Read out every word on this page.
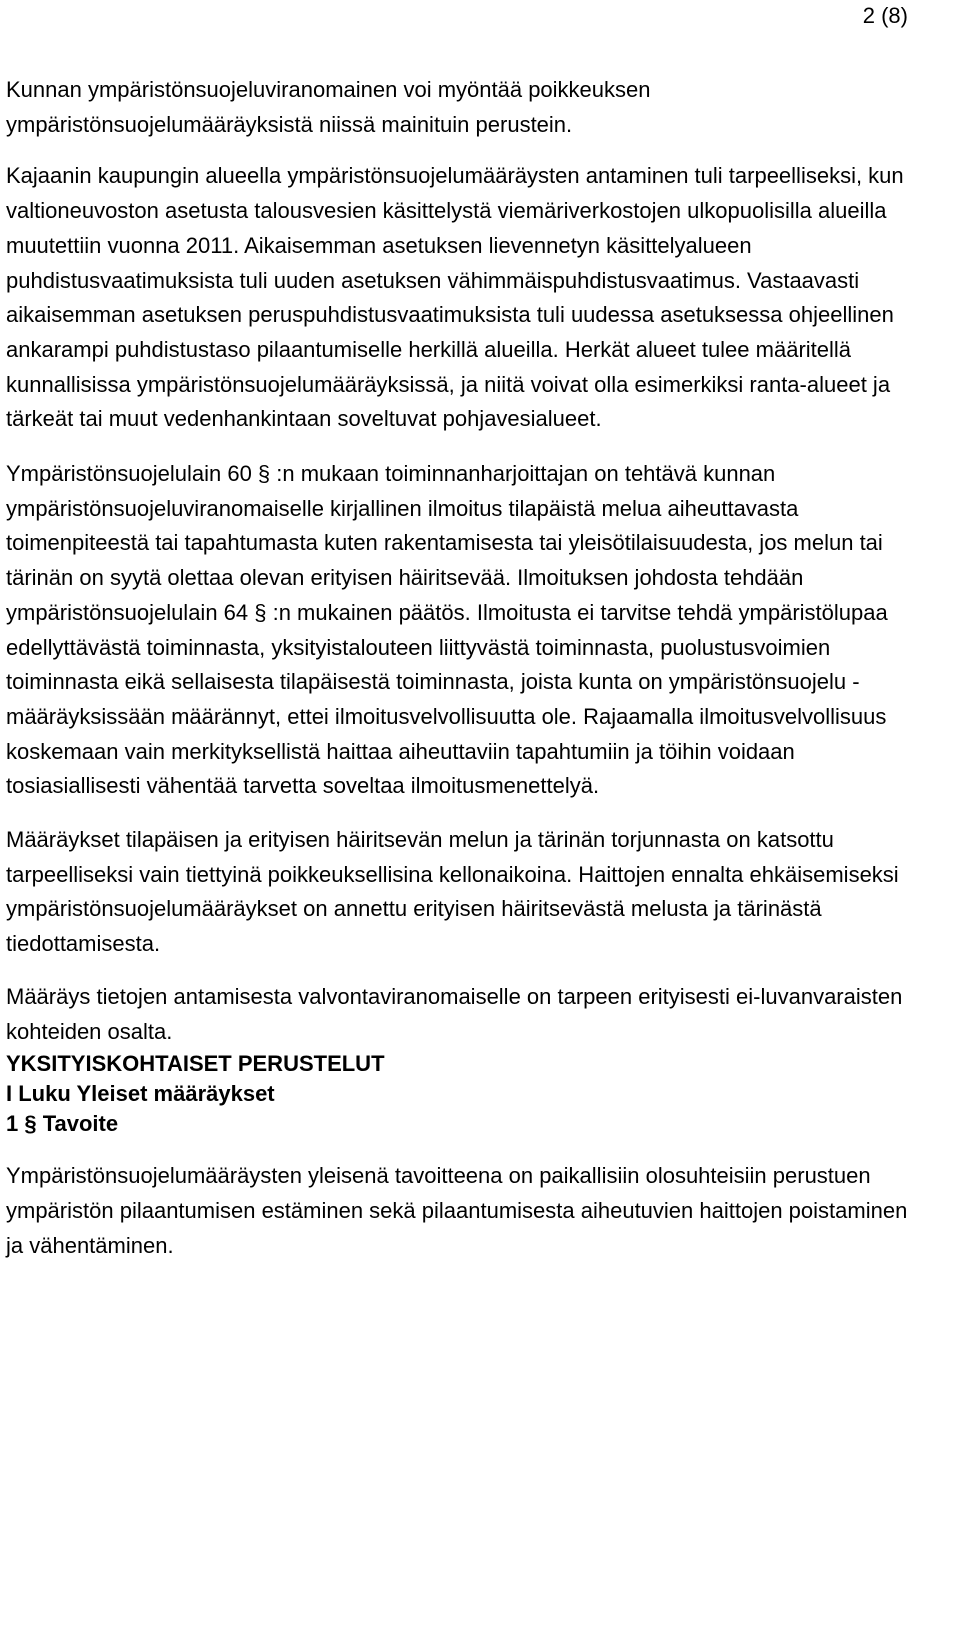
2 (8)

Kunnan ympäristönsuojeluviranomainen voi myöntää poikkeuksen ympäristönsuojelumääräyksistä niissä mainituin perustein.

Kajaanin kaupungin alueella ympäristönsuojelumääräysten antaminen tuli tarpeelliseksi, kun valtioneuvoston asetusta talousvesien käsittelystä viemäriverkostojen ulkopuolisilla alueilla muutettiin vuonna 2011. Aikaisemman asetuksen lievennetyn käsittelyalueen puhdistusvaatimuksista tuli uuden asetuksen vähimmäispuhdistusvaatimus. Vastaavasti aikaisemman asetuksen peruspuhdistusvaatimuksista tuli uudessa asetuksessa ohjeellinen ankarampi puhdistustaso pilaantumiselle herkillä alueilla. Herkät alueet tulee määritellä kunnallisissa ympäristönsuojelumääräyksissä, ja niitä voivat olla esimerkiksi ranta-alueet ja tärkeät tai muut vedenhankintaan soveltuvat pohjavesialueet.

Ympäristönsuojelulain 60 § :n mukaan toiminnanharjoittajan on tehtävä kunnan ympäristönsuojeluviranomaiselle kirjallinen ilmoitus tilapäistä melua aiheuttavasta toimenpiteestä tai tapahtumasta kuten rakentamisesta tai yleisötilaisuudesta, jos melun tai tärinän on syytä olettaa olevan erityisen häiritsevää. Ilmoituksen johdosta tehdään ympäristönsuojelulain 64 § :n mukainen päätös. Ilmoitusta ei tarvitse tehdä ympäristölupaa edellyttävästä toiminnasta, yksityistalouteen liittyvästä toiminnasta, puolustusvoimien toiminnasta eikä sellaisesta tilapäisestä toiminnasta, joista kunta on ympäristönsuojelu -määräyksissään määrännyt, ettei ilmoitusvelvollisuutta ole. Rajaamalla ilmoitusvelvollisuus koskemaan vain merkityksellistä haittaa aiheuttaviin tapahtumiin ja töihin voidaan tosiasiallisesti vähentää tarvetta soveltaa ilmoitusmenettelyä.

Määräykset tilapäisen ja erityisen häiritsevän melun ja tärinän torjunnasta on katsottu tarpeelliseksi vain tiettyinä poikkeuksellisina kellonaikoina. Haittojen ennalta ehkäisemiseksi ympäristönsuojelumääräykset on annettu erityisen häiritsevästä melusta ja tärinästä tiedottamisesta.

Määräys tietojen antamisesta valvontaviranomaiselle on tarpeen erityisesti ei-luvanvaraisten kohteiden osalta.

YKSITYISKOHTAISET PERUSTELUT
I Luku Yleiset määräykset
1 § Tavoite

Ympäristönsuojelumääräysten yleisenä tavoitteena on paikallisiin olosuhteisiin perustuen ympäristön pilaantumisen estäminen sekä pilaantumisesta aiheutuvien haittojen poistaminen ja vähentäminen.
